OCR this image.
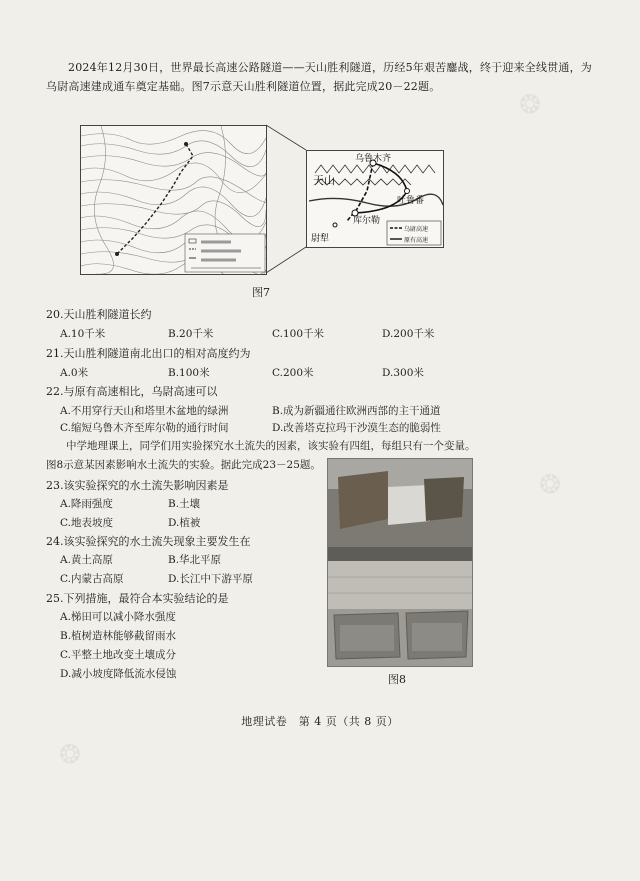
❂
❂
❂

2024年12月30日，世界最长高速公路隧道——天山胜利隧道，历经5年艰苦鏖战，终于迎来全线贯通，为乌尉高速建成通车奠定基础。图7示意天山胜利隧道位置，据此完成20－22题。

乌鲁木齐
天山
吐鲁番
库尔勒
尉犁
乌尉高速
原有高速
图7
20.天山胜利隧道长约
A.10千米	B.20千米	C.100千米	D.200千米
21.天山胜利隧道南北出口的相对高度约为
A.0米	B.100米	C.200米	D.300米
22.与原有高速相比，乌尉高速可以
A.不用穿行天山和塔里木盆地的绿洲	B.成为新疆通往欧洲西部的主干通道
C.缩短乌鲁木齐至库尔勒的通行时间	D.改善塔克拉玛干沙漠生态的脆弱性
中学地理课上，同学们用实验探究水土流失的因素，该实验有四组，每组只有一个变量。
图8示意某因素影响水土流失的实验。据此完成23－25题。
23.该实验探究的水土流失影响因素是
A.降雨强度	B.土壤
C.地表坡度	D.植被
24.该实验探究的水土流失现象主要发生在
A.黄土高原	B.华北平原
C.内蒙古高原	D.长江中下游平原
25.下列措施，最符合本实验结论的是
A.梯田可以减小降水强度
B.植树造林能够截留雨水
C.平整土地改变土壤成分
D.减小坡度降低流水侵蚀	图8
地理试卷　第 4 页（共 8 页）
